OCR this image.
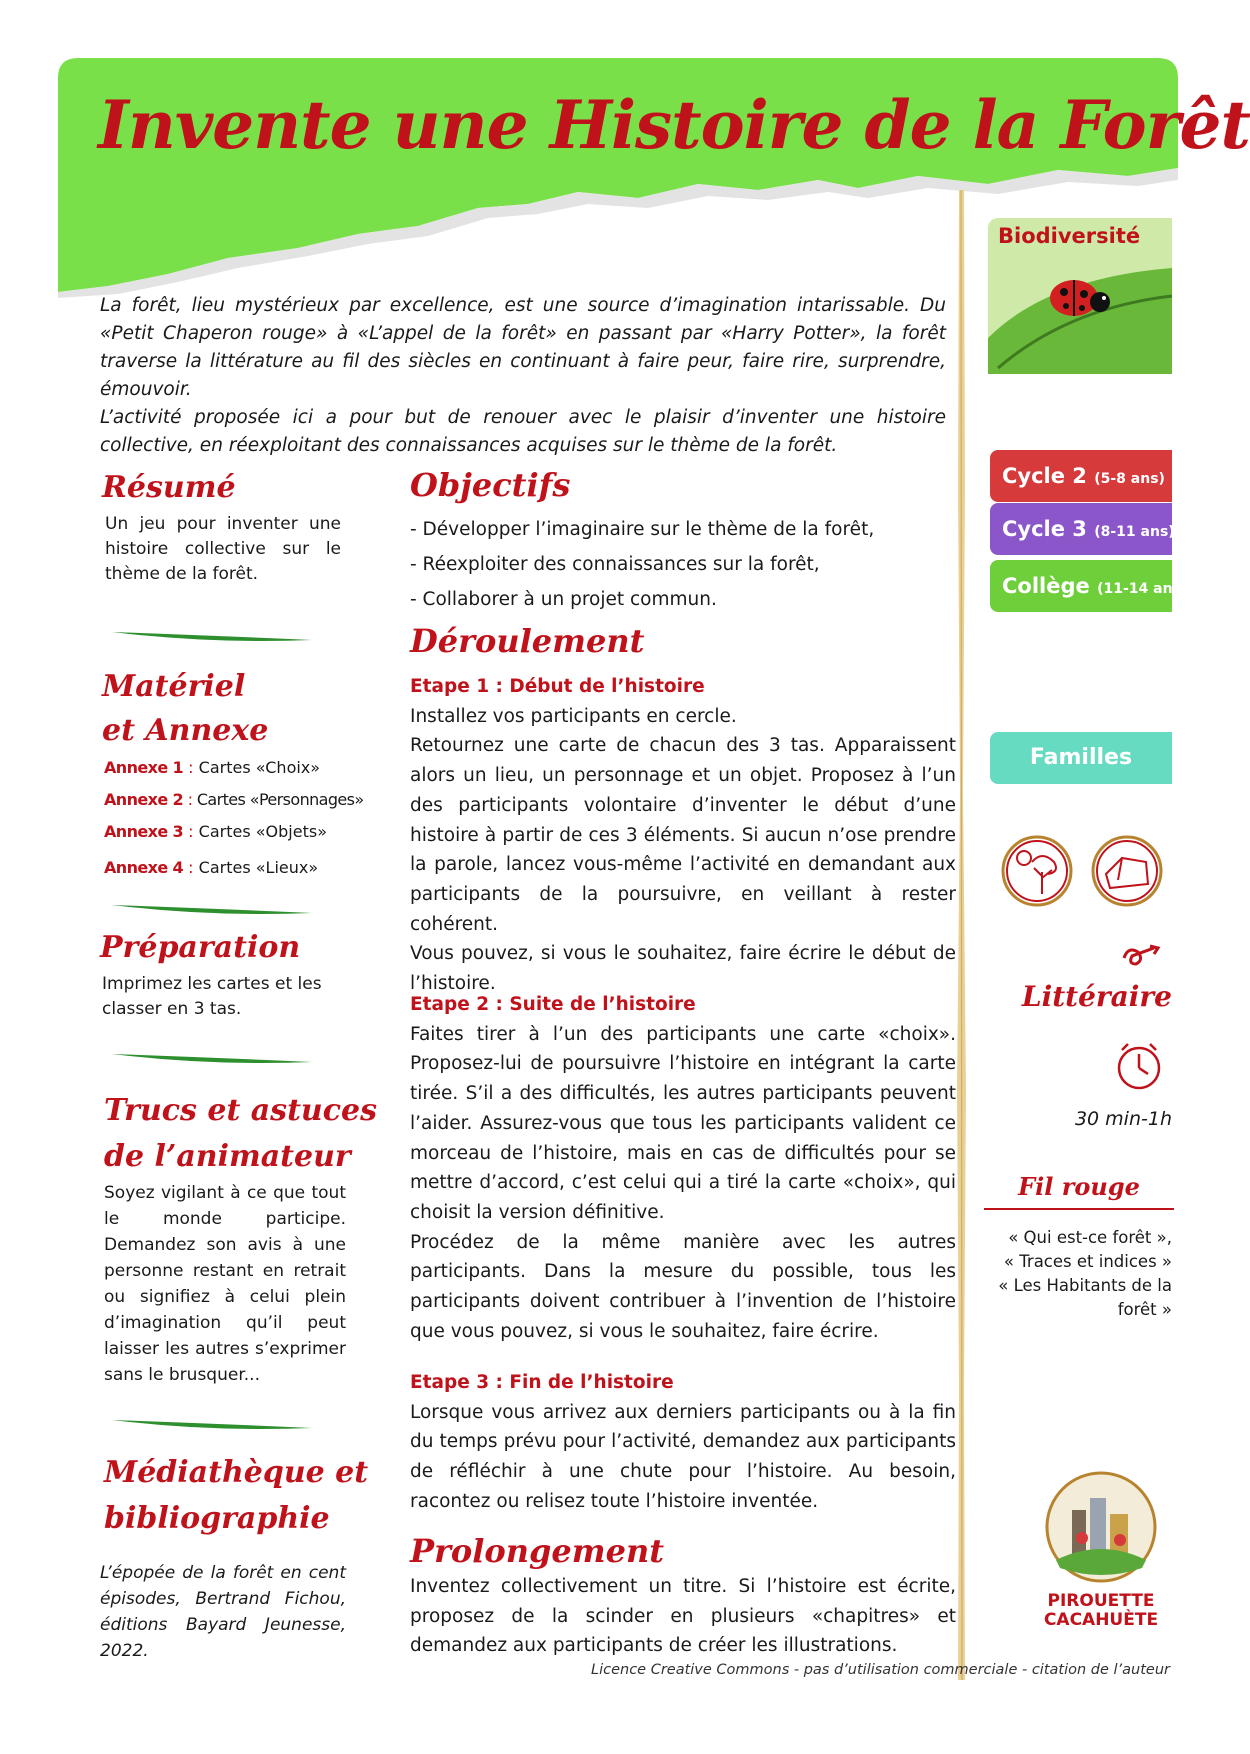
Invente une Histoire de la Forêt
La forêt, lieu mystérieux par excellence, est une source d’imagination intarissable. Du «Petit Chaperon rouge» à «L’appel de la forêt» en passant par «Harry Potter», la forêt traverse la littérature au fil des siècles en continuant à faire peur, faire rire, surprendre, émouvoir.
L’activité proposée ici a pour but de renouer avec le plaisir d’inventer une histoire collective, en réexploitant des connaissances acquises sur le thème de la forêt.
Résumé
Un jeu pour inventer une histoire collective sur le thème de la forêt.
Matériel
et Annexe
Annexe 1 : Cartes «Choix»
Annexe 2 : Cartes «Personnages»
Annexe 3 : Cartes «Objets»
Annexe 4 : Cartes «Lieux»
Préparation
Imprimez les cartes et les classer en 3 tas.
Trucs et astuces
de l’animateur
Soyez vigilant à ce que tout le monde participe. Demandez son avis à une personne restant en retrait ou signifiez à celui plein d’imagination qu’il peut laisser les autres s’exprimer sans le brusquer...
Médiathèque et
bibliographie
L’épopée de la forêt en cent épisodes, Bertrand Fichou, éditions Bayard Jeunesse, 2022.
Objectifs
- Développer l’imaginaire sur le thème de la forêt,
- Réexploiter des connaissances sur la forêt,
- Collaborer à un projet commun.
Déroulement
Etape 1 : Début de l’histoire
Installez vos participants en cercle.
Retournez une carte de chacun des 3 tas. Apparaissent alors un lieu, un personnage et un objet. Proposez à l’un des participants volontaire d’inventer le début d’une histoire à partir de ces 3 éléments. Si aucun n’ose prendre la parole, lancez vous-même l’activité en demandant aux participants de la poursuivre, en veillant à rester cohérent.
Vous pouvez, si vous le souhaitez, faire écrire le début de l’histoire.
Etape 2 : Suite de l’histoire
Faites tirer à l’un des participants une carte «choix». Proposez-lui de poursuivre l’histoire en intégrant la carte tirée. S’il a des difficultés, les autres participants peuvent l’aider. Assurez-vous que tous les participants valident ce morceau de l’histoire, mais en cas de difficultés pour se mettre d’accord, c’est celui qui a tiré la carte «choix», qui choisit la version définitive.
Procédez de la même manière avec les autres participants. Dans la mesure du possible, tous les participants doivent contribuer à l’invention de l’histoire que vous pouvez, si vous le souhaitez, faire écrire.
Etape 3 : Fin de l’histoire
Lorsque vous arrivez aux derniers participants ou à la fin du temps prévu pour l’activité, demandez aux participants de réfléchir à une chute pour l’histoire. Au besoin, racontez ou relisez toute l’histoire inventée.
Prolongement
Inventez collectivement un titre. Si l’histoire est écrite, proposez de la scinder en plusieurs «chapitres» et demandez aux participants de créer les illustrations.
Biodiversité
Cycle 2 (5-8 ans)
Cycle 3 (8-11 ans)
Collège (11-14 ans)
Familles
Littéraire
30 min-1h
Fil rouge
« Qui est-ce forêt »,
« Traces et indices »
« Les Habitants de la forêt »
PIROUETTE
CACAHUÈTE
Licence Creative Commons - pas d’utilisation commerciale - citation de l’auteur
